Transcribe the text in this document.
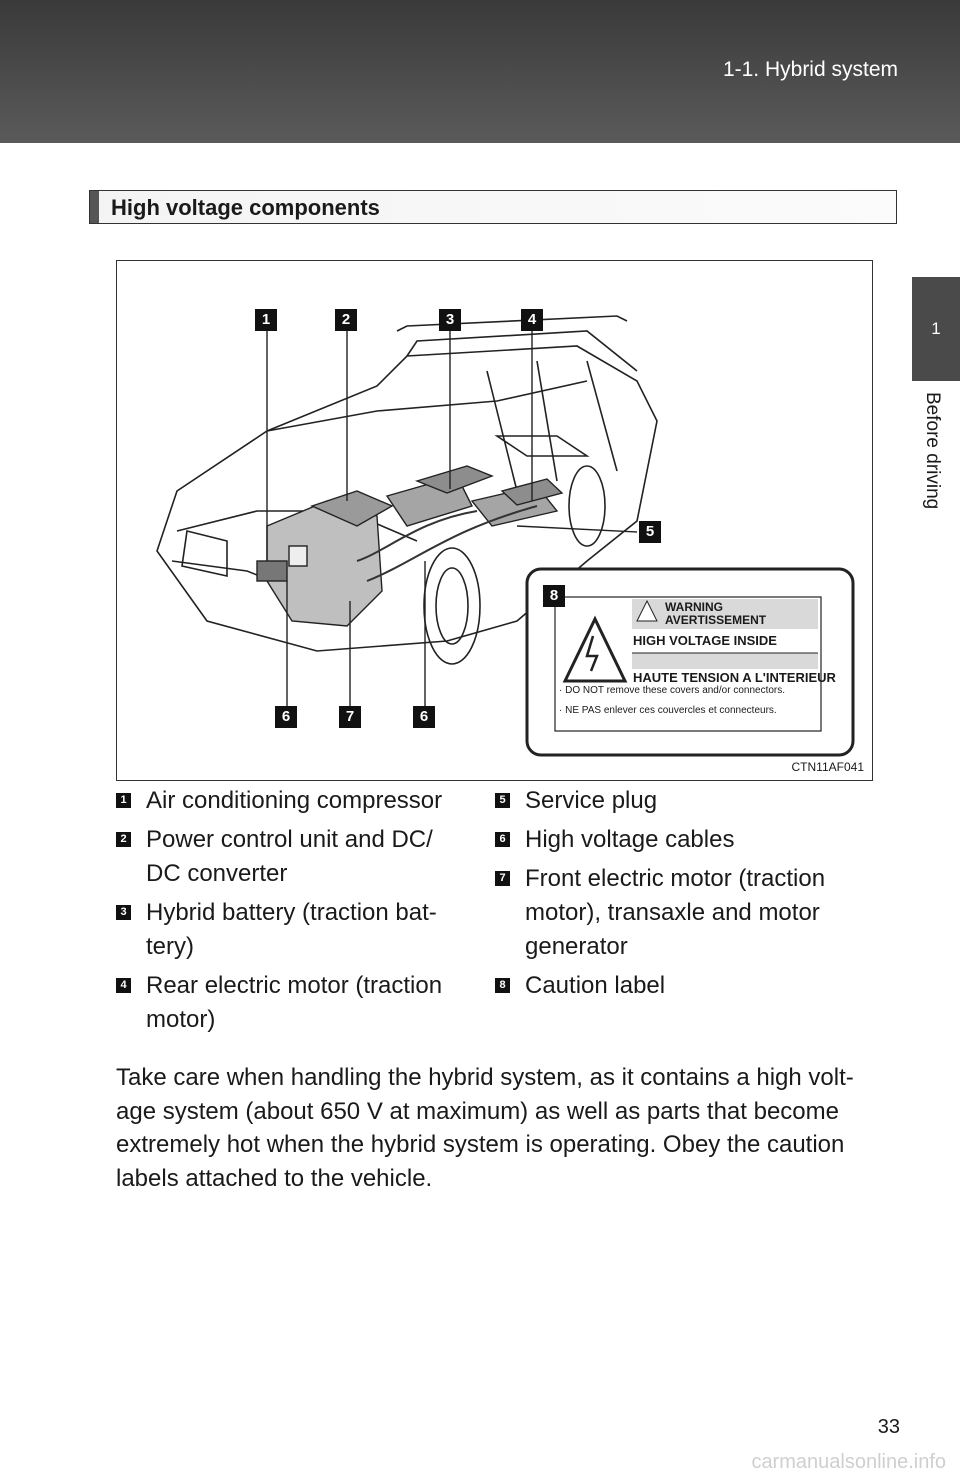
1-1. Hybrid system
1
Before driving
High voltage components
1	2	3	4
5
6	7	6
8
WARNING
AVERTISSEMENT
HIGH VOLTAGE INSIDE
HAUTE TENSION A L'INTERIEUR
· DO NOT remove these covers and/or connectors.
· NE PAS enlever ces couvercles et connecteurs.
CTN11AF041
1 Air conditioning compressor
2 Power control unit and DC/
DC converter
3 Hybrid battery (traction bat-
tery)
4 Rear electric motor (traction
motor)
5 Service plug
6 High voltage cables
7 Front electric motor (traction
motor), transaxle and motor
generator
8 Caution label
Take care when handling the hybrid system, as it contains a high volt-
age system (about 650 V at maximum) as well as parts that become
extremely hot when the hybrid system is operating. Obey the caution
labels attached to the vehicle.
33
carmanualsonline.info
